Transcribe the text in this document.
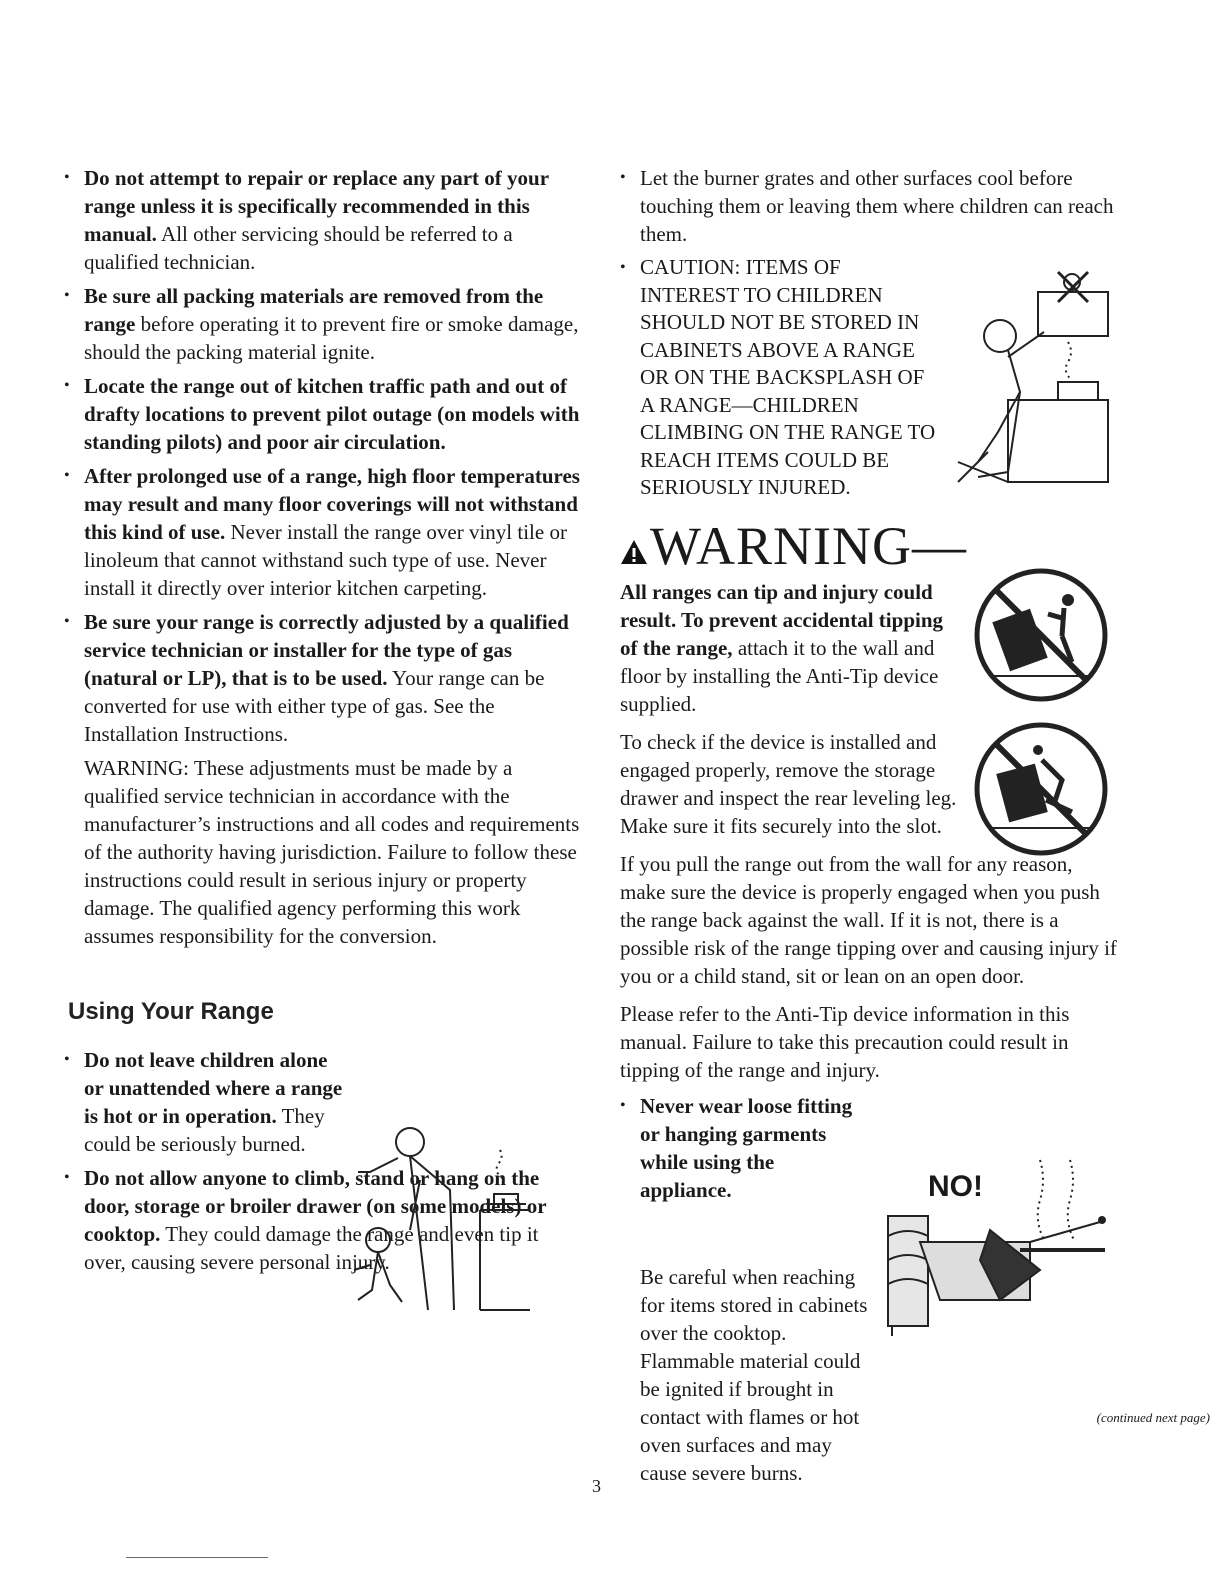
• Do not attempt to repair or replace any part of your range unless it is specifically recommended in this manual. All other servicing should be referred to a qualified technician.
• Be sure all packing materials are removed from the range before operating it to prevent fire or smoke damage, should the packing material ignite.
• Locate the range out of kitchen traffic path and out of drafty locations to prevent pilot outage (on models with standing pilots) and poor air circulation.
• After prolonged use of a range, high floor temperatures may result and many floor coverings will not withstand this kind of use. Never install the range over vinyl tile or linoleum that cannot withstand such type of use. Never install it directly over interior kitchen carpeting.
• Be sure your range is correctly adjusted by a qualified service technician or installer for the type of gas (natural or LP), that is to be used. Your range can be converted for use with either type of gas. See the Installation Instructions.

WARNING: These adjustments must be made by a qualified service technician in accordance with the manufacturer’s instructions and all codes and requirements of the authority having jurisdiction. Failure to follow these instructions could result in serious injury or property damage. The qualified agency performing this work assumes responsibility for the conversion.

Using Your Range
• Do not leave children alone or unattended where a range is hot or in operation. They could be seriously burned.
• Do not allow anyone to climb, stand or hang on the door, storage or broiler drawer (on some models) or cooktop. They could damage the range and even tip it over, causing severe personal injury.
• Let the burner grates and other surfaces cool before touching them or leaving them where children can reach them.
• CAUTION: ITEMS OF INTEREST TO CHILDREN SHOULD NOT BE STORED IN CABINETS ABOVE A RANGE OR ON THE BACKSPLASH OF A RANGE—CHILDREN CLIMBING ON THE RANGE TO REACH ITEMS COULD BE SERIOUSLY INJURED.
WARNING—

All ranges can tip and injury could result. To prevent accidental tipping of the range, attach it to the wall and floor by installing the Anti-Tip device supplied.

To check if the device is installed and engaged properly, remove the storage drawer and inspect the rear leveling leg. Make sure it fits securely into the slot.

If you pull the range out from the wall for any reason, make sure the device is properly engaged when you push the range back against the wall. If it is not, there is a possible risk of the range tipping over and causing injury if you or a child stand, sit or lean on an open door.

Please refer to the Anti-Tip device information in this manual. Failure to take this precaution could result in tipping of the range and injury.

• Never wear loose fitting or hanging garments while using the appliance.
Be careful when reaching for items stored in cabinets over the cooktop. Flammable material could be ignited if brought in contact with flames or hot oven surfaces and may cause severe burns.
NO!
(continued next page)
3
